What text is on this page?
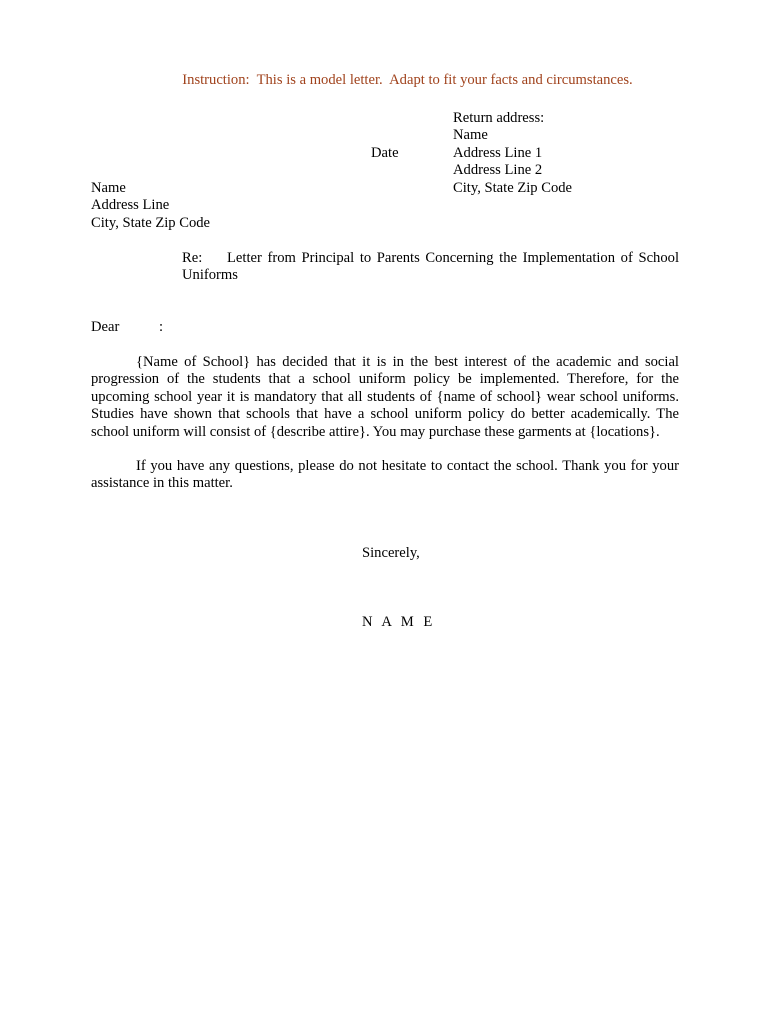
Instruction:  This is a model letter.  Adapt to fit your facts and circumstances.
Return address:
Name
Address Line 1
Address Line 2
City, State Zip Code
Date
Name
Address Line
City, State Zip Code
Re: Letter from Principal to Parents Concerning the Implementation of School
Uniforms
Dear	:
{Name of School} has decided that it is in the best interest of the academic and social progression of the students that a school uniform policy be implemented. Therefore, for the upcoming school year it is mandatory that all students of {name of school} wear school uniforms. Studies have shown that schools that have a school uniform policy do better academically. The school uniform will consist of {describe attire}. You may purchase these garments at {locations}.
If you have any questions, please do not hesitate to contact the school. Thank you for your assistance in this matter.
Sincerely,
N A M E
